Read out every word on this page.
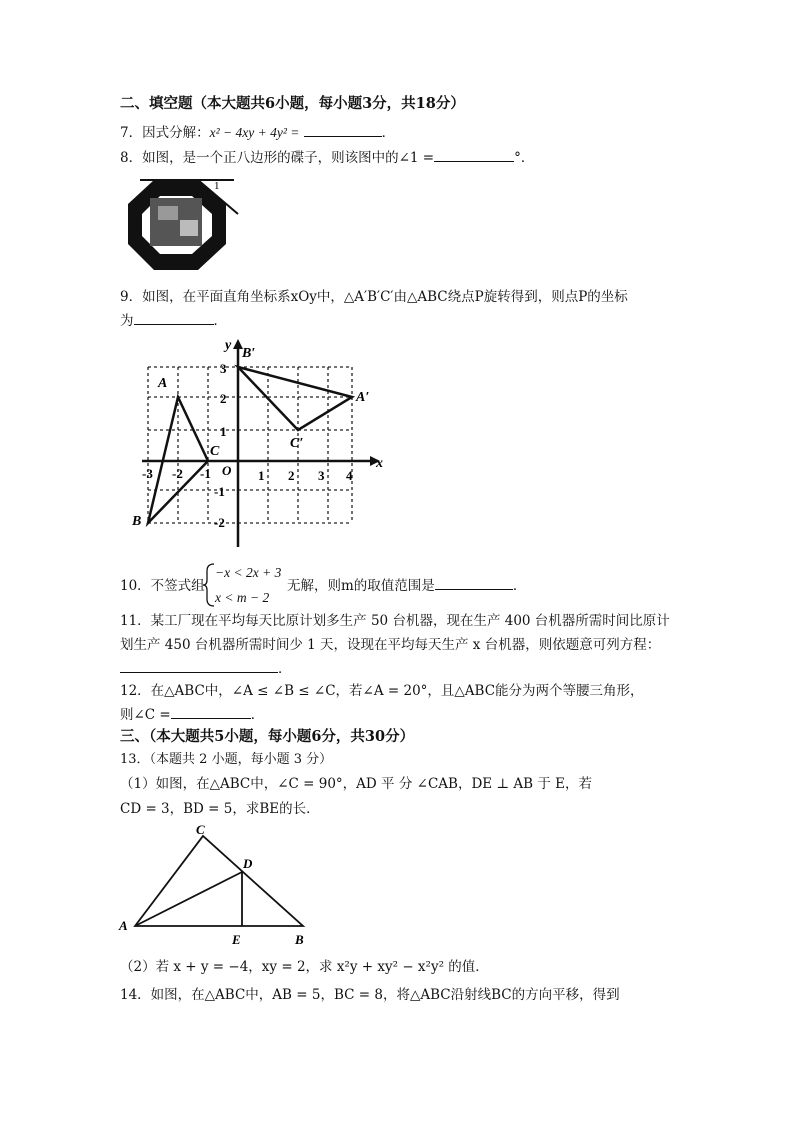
二、填空题（本大题共6小题，每小题3分，共18分）
7．因式分解：x² − 4xy + 4y² =	．
8．如图，是一个正八边形的碟子，则该图中的∠1 =	°．
1
9．如图，在平面直角坐标系xOy中，△A′B′C′由△ABC绕点P旋转得到，则点P的坐标
为	．
y
x
O
-3 -2 -1	1 2 3 4
3
2
1
-1
-2
A
B
C
A′
B′
C′
10．不签式组
−x < 2x + 3
x < m − 2
无解，则m的取值范围是	．
11．某工厂现在平均每天比原计划多生产 50 台机器，现在生产 400 台机器所需时间比原计
划生产 450 台机器所需时间少 1 天，设现在平均每天生产 x 台机器，则依题意可列方程：
．
12．在△ABC中，∠A ≤ ∠B ≤ ∠C，若∠A = 20°，且△ABC能分为两个等腰三角形，
则∠C =	．
三、（本大题共5小题，每小题6分，共30分）
13．（本题共 2 小题，每小题 3 分）
（1）如图，在△ABC中，∠C = 90°，AD 平 分 ∠CAB，DE ⊥ AB 于 E，若
CD = 3，BD = 5，求BE的长．
A
B
C
D
E
（2）若 x + y = −4，xy = 2，求 x²y + xy² − x²y² 的值．
14．如图，在△ABC中，AB = 5，BC = 8，将△ABC沿射线BC的方向平移，得到
